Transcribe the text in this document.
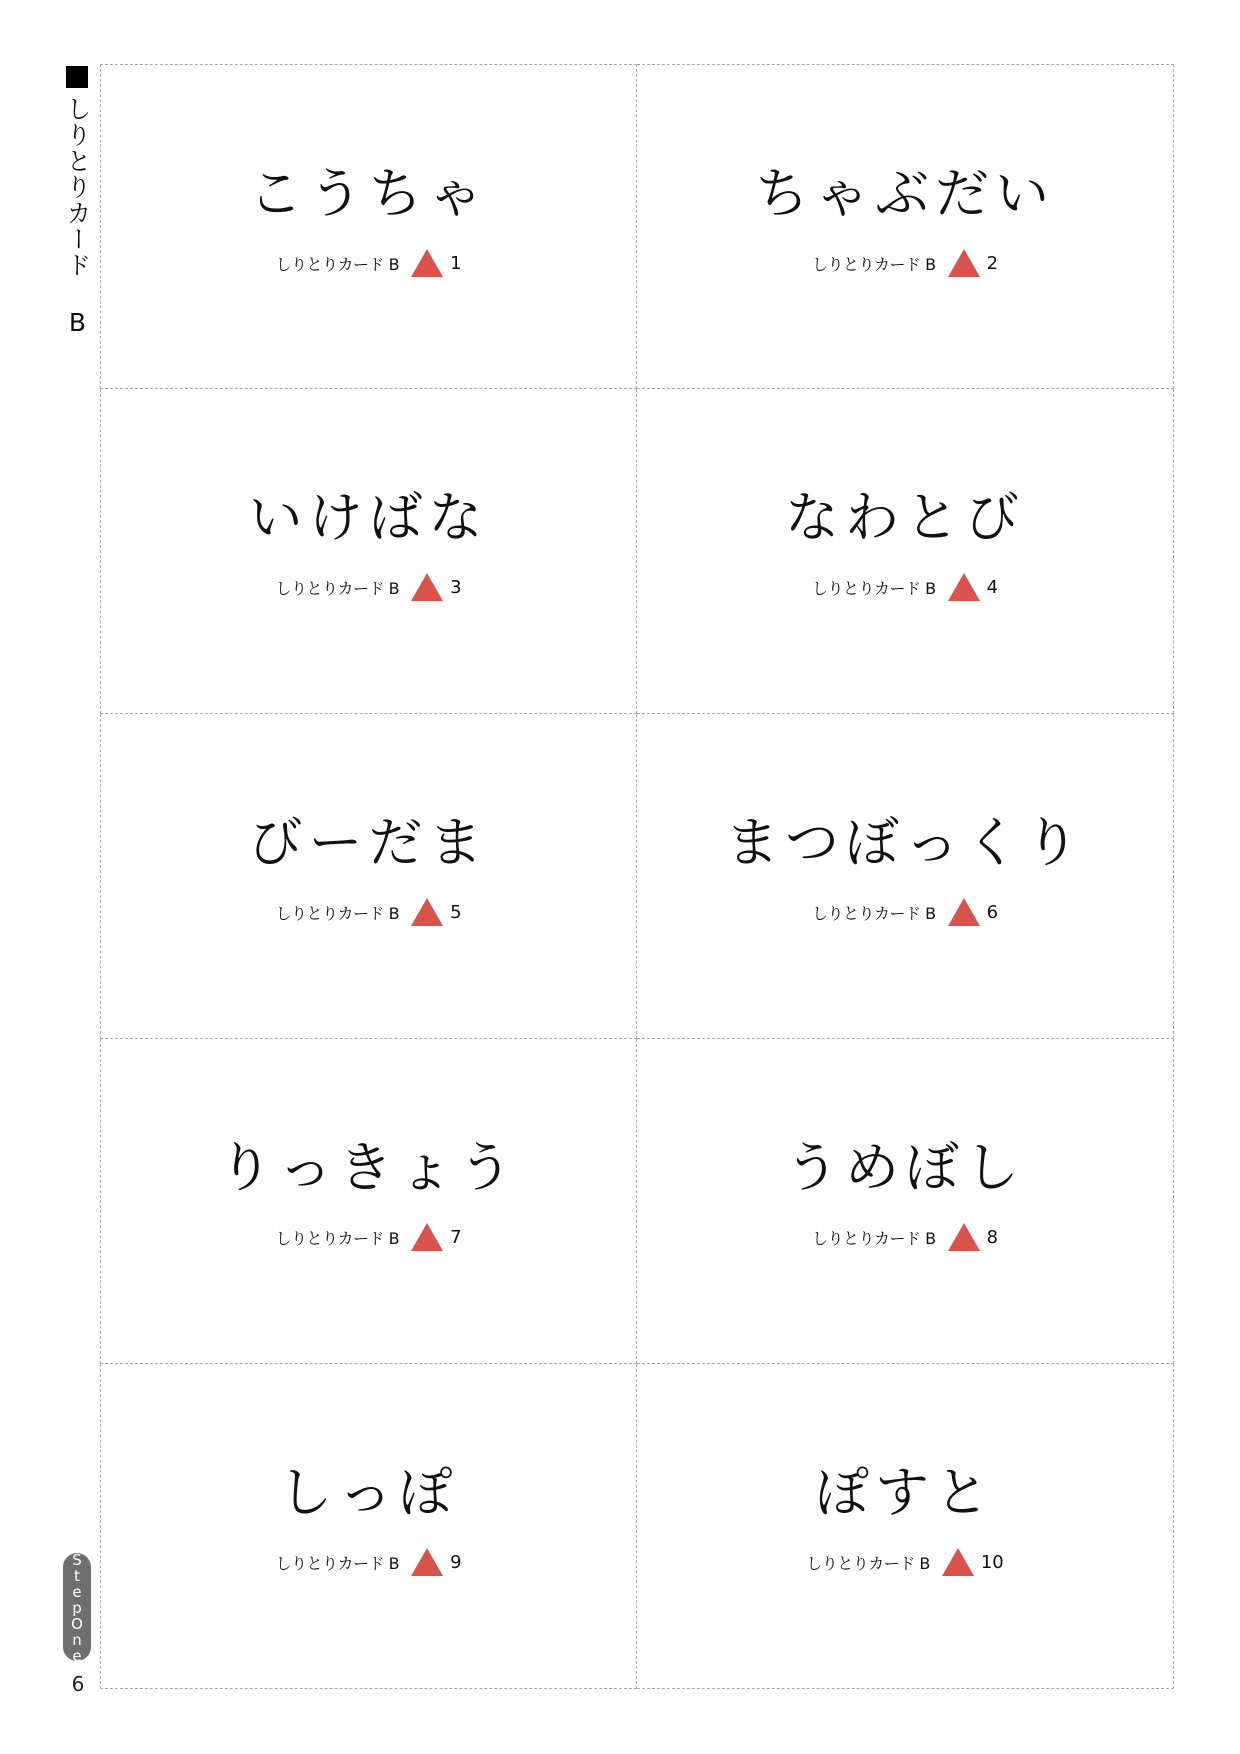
しりとりカード B
StepOne
6
こうちゃ
しりとりカード B	1
ちゃぶだい
しりとりカード B	2
いけばな
しりとりカード B	3
なわとび
しりとりカード B	4
びーだま
しりとりカード B	5
まつぼっくり
しりとりカード B	6
りっきょう
しりとりカード B	7
うめぼし
しりとりカード B	8
しっぽ
しりとりカード B	9
ぽすと
しりとりカード B	10
